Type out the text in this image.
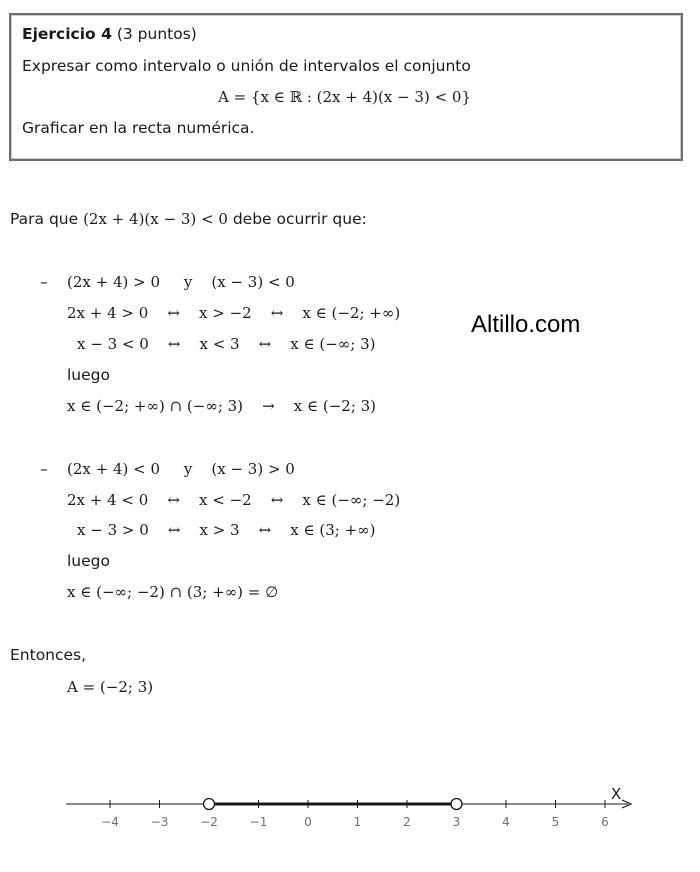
Ejercicio 4 (3 puntos)
Expresar como intervalo o unión de intervalos el conjunto
A = {x ∈ ℝ : (2x + 4)(x − 3) < 0}
Graficar en la recta numérica.
Para que (2x + 4)(x − 3) < 0 debe ocurrir que:
– (2x + 4) > 0     y    (x − 3) < 0
2x + 4 > 0    ↔    x > −2    ↔    x ∈ (−2; +∞)
x − 3 < 0    ↔    x < 3    ↔    x ∈ (−∞; 3)
luego
x ∈ (−2; +∞) ∩ (−∞; 3)    →    x ∈ (−2; 3)
Altillo.com
– (2x + 4) < 0     y    (x − 3) > 0
2x + 4 < 0    ↔    x < −2    ↔    x ∈ (−∞; −2)
x − 3 > 0    ↔    x > 3    ↔    x ∈ (3; +∞)
luego
x ∈ (−∞; −2) ∩ (3; +∞) = ∅
Entonces,
A = (−2; 3)
X
−4	−3	−2	−1	0	1	2	3	4	5	6
